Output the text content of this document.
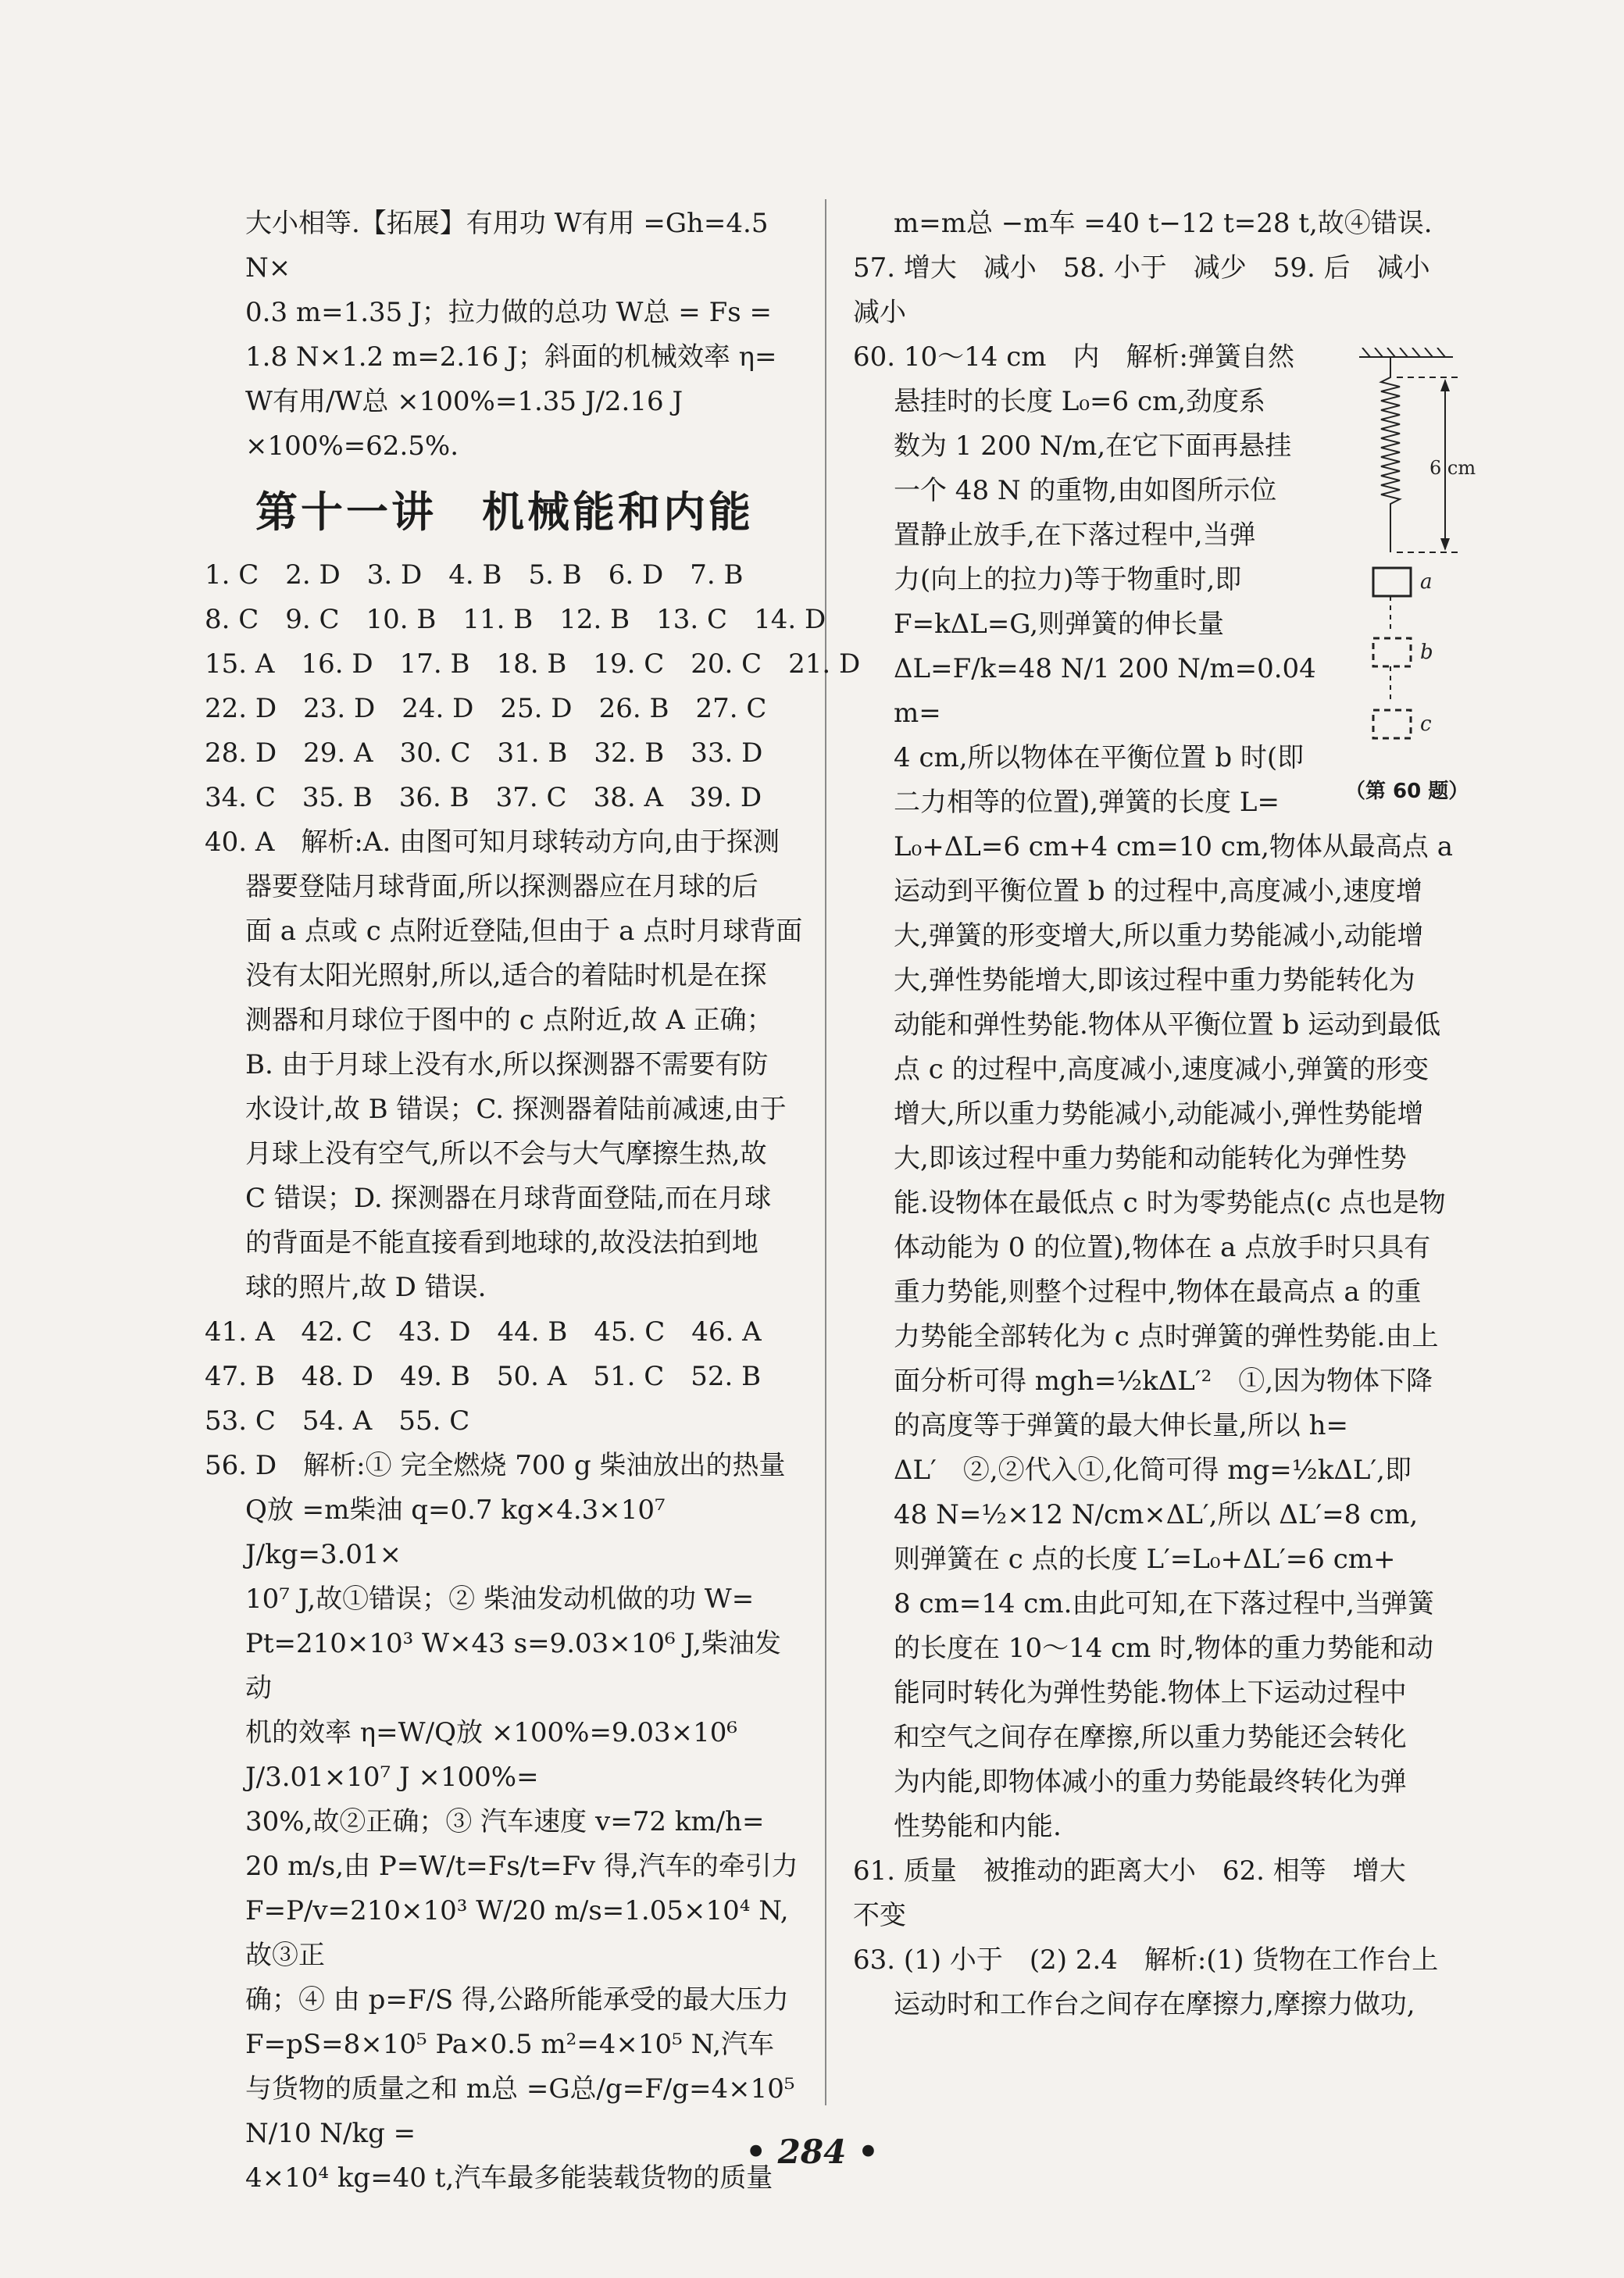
大小相等.【拓展】有用功 W有用 =Gh=4.5 N×

0.3 m=1.35 J；拉力做的总功 W总 = Fs =

1.8 N×1.2 m=2.16 J；斜面的机械效率 η=

W有用/W总 ×100%=1.35 J/2.16 J ×100%=62.5%.

第十一讲　机械能和内能
1. C 2. D 3. D 4. B 5. B 6. D 7. B
8. C 9. C 10. B 11. B 12. B 13. C 14. D
15. A 16. D 17. B 18. B 19. C 20. C 21. D
22. D 23. D 24. D 25. D 26. B 27. C
28. D 29. A 30. C 31. B 32. B 33. D
34. C 35. B 36. B 37. C 38. A 39. D

40. A　解析:A. 由图可知月球转动方向,由于探测

器要登陆月球背面,所以探测器应在月球的后

面 a 点或 c 点附近登陆,但由于 a 点时月球背面

没有太阳光照射,所以,适合的着陆时机是在探

测器和月球位于图中的 c 点附近,故 A 正确；

B. 由于月球上没有水,所以探测器不需要有防

水设计,故 B 错误；C. 探测器着陆前减速,由于

月球上没有空气,所以不会与大气摩擦生热,故

C 错误；D. 探测器在月球背面登陆,而在月球

的背面是不能直接看到地球的,故没法拍到地

球的照片,故 D 错误.

41. A 42. C 43. D 44. B 45. C 46. A
47. B 48. D 49. B 50. A 51. C 52. B
53. C 54. A 55. C

56. D　解析:① 完全燃烧 700 g 柴油放出的热量

Q放 =m柴油 q=0.7 kg×4.3×10⁷ J/kg=3.01×

10⁷ J,故①错误；② 柴油发动机做的功 W=

Pt=210×10³ W×43 s=9.03×10⁶ J,柴油发动

机的效率 η=W/Q放 ×100%=9.03×10⁶ J/3.01×10⁷ J ×100%=

30%,故②正确；③ 汽车速度 v=72 km/h=

20 m/s,由 P=W/t=Fs/t=Fv 得,汽车的牵引力

F=P/v=210×10³ W/20 m/s=1.05×10⁴ N,故③正

确；④ 由 p=F/S 得,公路所能承受的最大压力

F=pS=8×10⁵ Pa×0.5 m²=4×10⁵ N,汽车

与货物的质量之和 m总 =G总/g=F/g=4×10⁵ N/10 N/kg =

4×10⁴ kg=40 t,汽车最多能装载货物的质量

m=m总 −m车 =40 t−12 t=28 t,故④错误.

57. 增大　减小　58. 小于　减少　59. 后　减小

减小

60. 10～14 cm　内　解析:弹簧自然

悬挂时的长度 L₀=6 cm,劲度系

数为 1 200 N/m,在它下面再悬挂

一个 48 N 的重物,由如图所示位

置静止放手,在下落过程中,当弹

力(向上的拉力)等于物重时,即

F=kΔL=G,则弹簧的伸长量

ΔL=F/k=48 N/1 200 N/m=0.04 m=

4 cm,所以物体在平衡位置 b 时(即

二力相等的位置),弹簧的长度 L=

L₀+ΔL=6 cm+4 cm=10 cm,物体从最高点 a

运动到平衡位置 b 的过程中,高度减小,速度增

大,弹簧的形变增大,所以重力势能减小,动能增

大,弹性势能增大,即该过程中重力势能转化为

动能和弹性势能.物体从平衡位置 b 运动到最低

点 c 的过程中,高度减小,速度减小,弹簧的形变

增大,所以重力势能减小,动能减小,弹性势能增

大,即该过程中重力势能和动能转化为弹性势

能.设物体在最低点 c 时为零势能点(c 点也是物

体动能为 0 的位置),物体在 a 点放手时只具有

重力势能,则整个过程中,物体在最高点 a 的重

力势能全部转化为 c 点时弹簧的弹性势能.由上

面分析可得 mgh=½kΔL′²　①,因为物体下降

的高度等于弹簧的最大伸长量,所以 h=

ΔL′　②,②代入①,化简可得 mg=½kΔL′,即

48 N=½×12 N/cm×ΔL′,所以 ΔL′=8 cm,

则弹簧在 c 点的长度 L′=L₀+ΔL′=6 cm+

8 cm=14 cm.由此可知,在下落过程中,当弹簧

的长度在 10～14 cm 时,物体的重力势能和动

能同时转化为弹性势能.物体上下运动过程中

和空气之间存在摩擦,所以重力势能还会转化

为内能,即物体减小的重力势能最终转化为弹

性势能和内能.

61. 质量　被推动的距离大小　62. 相等　增大

不变

63. (1) 小于　(2) 2.4　解析:(1) 货物在工作台上

运动时和工作台之间存在摩擦力,摩擦力做功,

6 cm
a
b
c
（第 60 题）
• 284 •
